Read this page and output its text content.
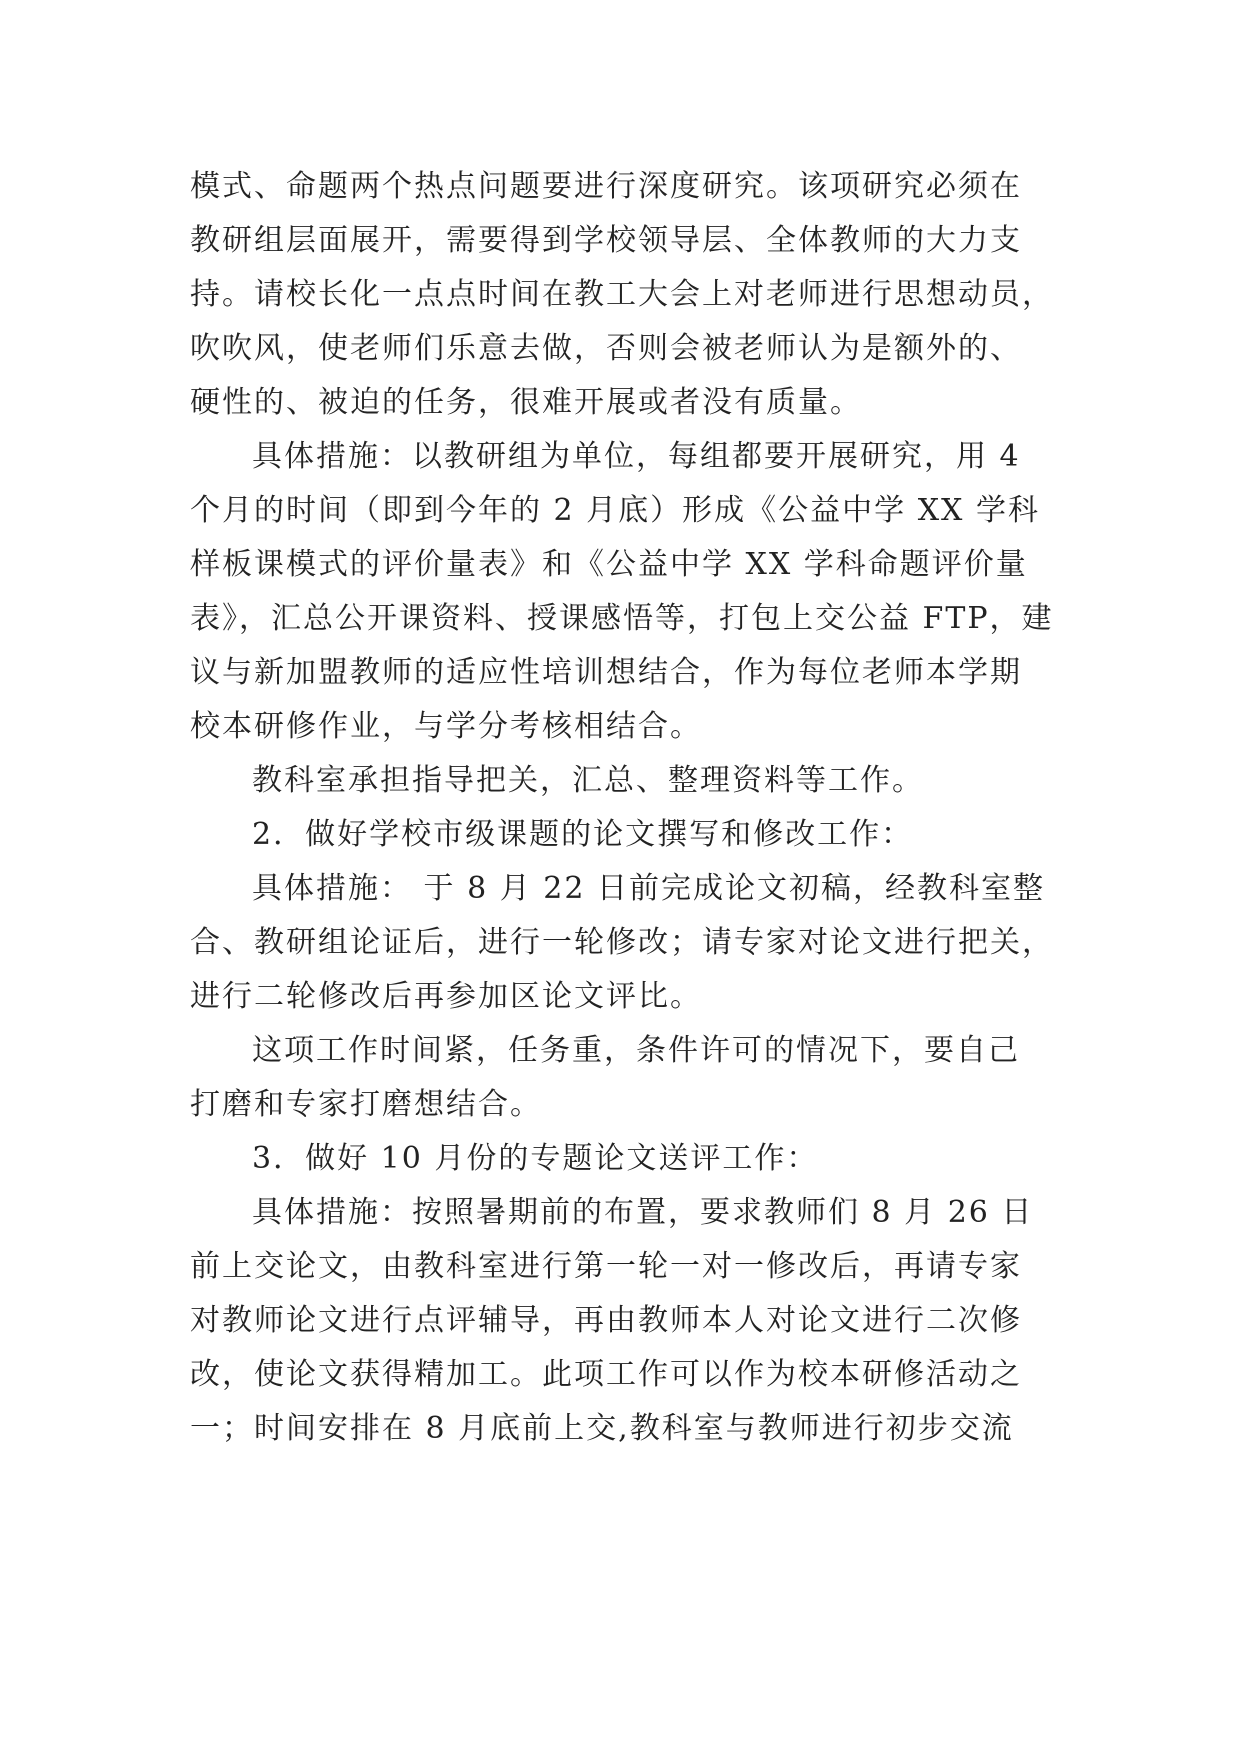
模式、命题两个热点问题要进行深度研究。该项研究必须在
教研组层面展开，需要得到学校领导层、全体教师的大力支
持。请校长化一点点时间在教工大会上对老师进行思想动员，
吹吹风，使老师们乐意去做，否则会被老师认为是额外的、
硬性的、被迫的任务，很难开展或者没有质量。
具体措施：以教研组为单位，每组都要开展研究，用 4
个月的时间（即到今年的 2 月底）形成《公益中学 XX 学科
样板课模式的评价量表》和《公益中学 XX 学科命题评价量
表》，汇总公开课资料、授课感悟等，打包上交公益 FTP，建
议与新加盟教师的适应性培训想结合，作为每位老师本学期
校本研修作业，与学分考核相结合。
教科室承担指导把关，汇总、整理资料等工作。
2．做好学校市级课题的论文撰写和修改工作：
具体措施： 于 8 月 22 日前完成论文初稿，经教科室整
合、教研组论证后，进行一轮修改；请专家对论文进行把关，
进行二轮修改后再参加区论文评比。
这项工作时间紧，任务重，条件许可的情况下，要自己
打磨和专家打磨想结合。
3．做好 10 月份的专题论文送评工作：
具体措施：按照暑期前的布置，要求教师们 8 月 26 日
前上交论文，由教科室进行第一轮一对一修改后，再请专家
对教师论文进行点评辅导，再由教师本人对论文进行二次修
改，使论文获得精加工。此项工作可以作为校本研修活动之
一；时间安排在 8 月底前上交,教科室与教师进行初步交流
